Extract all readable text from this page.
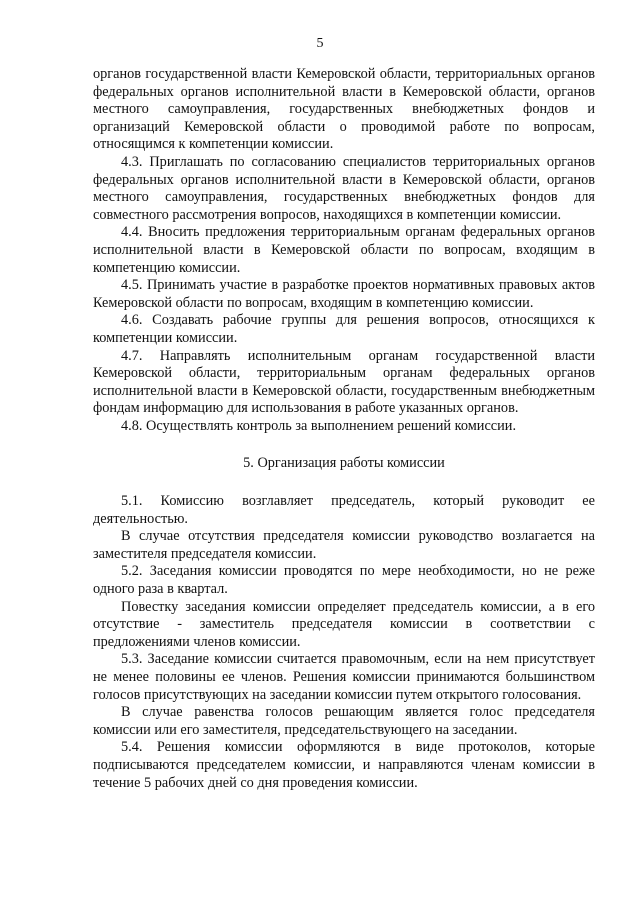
5

органов государственной власти Кемеровской области, территориальных органов федеральных органов исполнительной власти в Кемеровской области, органов местного самоуправления, государственных внебюджетных фондов и организаций Кемеровской области о проводимой работе по вопросам, относящимся к компетенции комиссии.

4.3. Приглашать по согласованию специалистов территориальных органов федеральных органов исполнительной власти в Кемеровской области, органов местного самоуправления, государственных внебюджетных фондов для совместного рассмотрения вопросов, находящихся в компетенции комиссии.

4.4. Вносить предложения территориальным органам федеральных органов исполнительной власти в Кемеровской области по вопросам, входящим в компетенцию комиссии.

4.5. Принимать участие в разработке проектов нормативных правовых актов Кемеровской области по вопросам, входящим в компетенцию комиссии.

4.6. Создавать рабочие группы для решения вопросов, относящихся к компетенции комиссии.

4.7. Направлять исполнительным органам государственной власти Кемеровской области, территориальным органам федеральных органов исполнительной власти в Кемеровской области, государственным внебюджетным фондам информацию для использования в работе указанных органов.

4.8. Осуществлять контроль за выполнением решений комиссии.

5. Организация работы комиссии

5.1. Комиссию возглавляет председатель, который руководит ее деятельностью.

В случае отсутствия председателя комиссии руководство возлагается на заместителя председателя комиссии.

5.2. Заседания комиссии проводятся по мере необходимости, но не реже одного раза в квартал.

Повестку заседания комиссии определяет председатель комиссии, а в его отсутствие - заместитель председателя комиссии в соответствии с предложениями членов комиссии.

5.3. Заседание комиссии считается правомочным, если на нем присутствует не менее половины ее членов. Решения комиссии принимаются большинством голосов присутствующих на заседании комиссии путем открытого голосования.

В случае равенства голосов решающим является голос председателя комиссии или его заместителя, председательствующего на заседании.

5.4. Решения комиссии оформляются в виде протоколов, которые подписываются председателем комиссии, и направляются членам комиссии в течение 5 рабочих дней со дня проведения комиссии.
